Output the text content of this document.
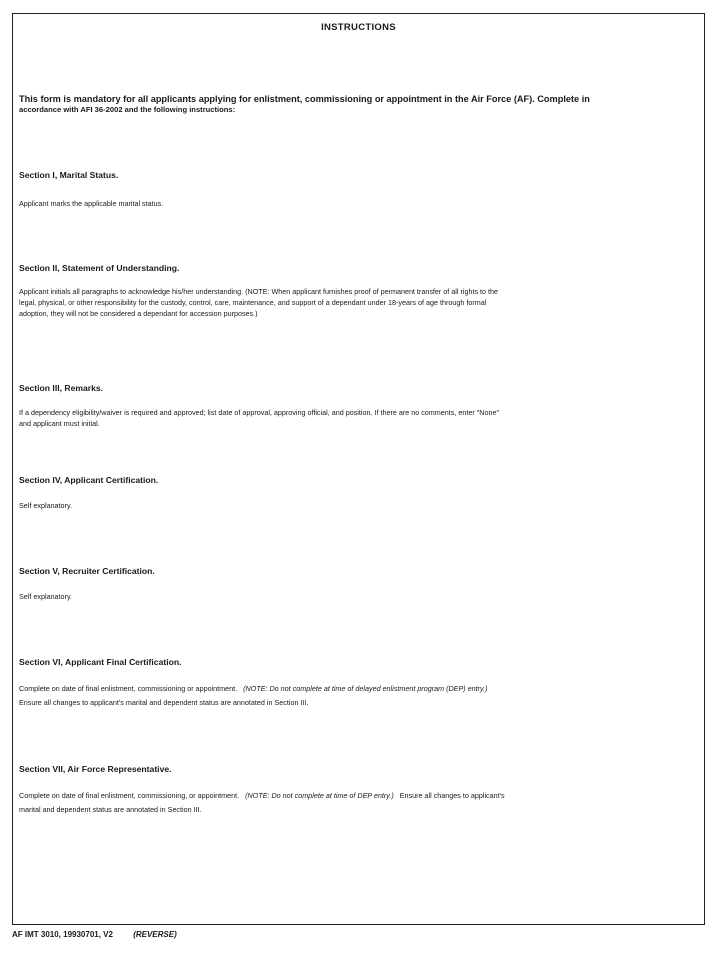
INSTRUCTIONS
This form is mandatory for all applicants applying for enlistment, commissioning or appointment in the Air Force (AF). Complete in
accordance with AFI 36-2002 and the following instructions:
Section I, Marital Status.
Applicant marks the applicable marital status.
Section II, Statement of Understanding.
Applicant initials all paragraphs to acknowledge his/her understanding. (NOTE: When applicant furnishes proof of permanent transfer of all rights to the
legal, physical, or other responsibility for the custody, control, care, maintenance, and support of a dependant under 18-years of age through formal
adoption, they will not be considered a dependant for accession purposes.)
Section III, Remarks.
If a dependency eligibility/waiver is required and approved; list date of approval, approving official, and position. If there are no comments, enter "None"
and applicant must initial.
Section IV, Applicant Certification.
Self explanatory.
Section V, Recruiter Certification.
Self explanatory.
Section VI, Applicant Final Certification.
Complete on date of final enlistment, commissioning or appointment. (NOTE: Do not complete at time of delayed enlistment program (DEP) entry.)
Ensure all changes to applicant's marital and dependent status are annotated in Section III.
Section VII, Air Force Representative.
Complete on date of final enlistment, commissioning, or appointment. (NOTE: Do not complete at time of DEP entry.) Ensure all changes to applicant's
marital and dependent status are annotated in Section III.
AF IMT 3010, 19930701, V2	(REVERSE)
